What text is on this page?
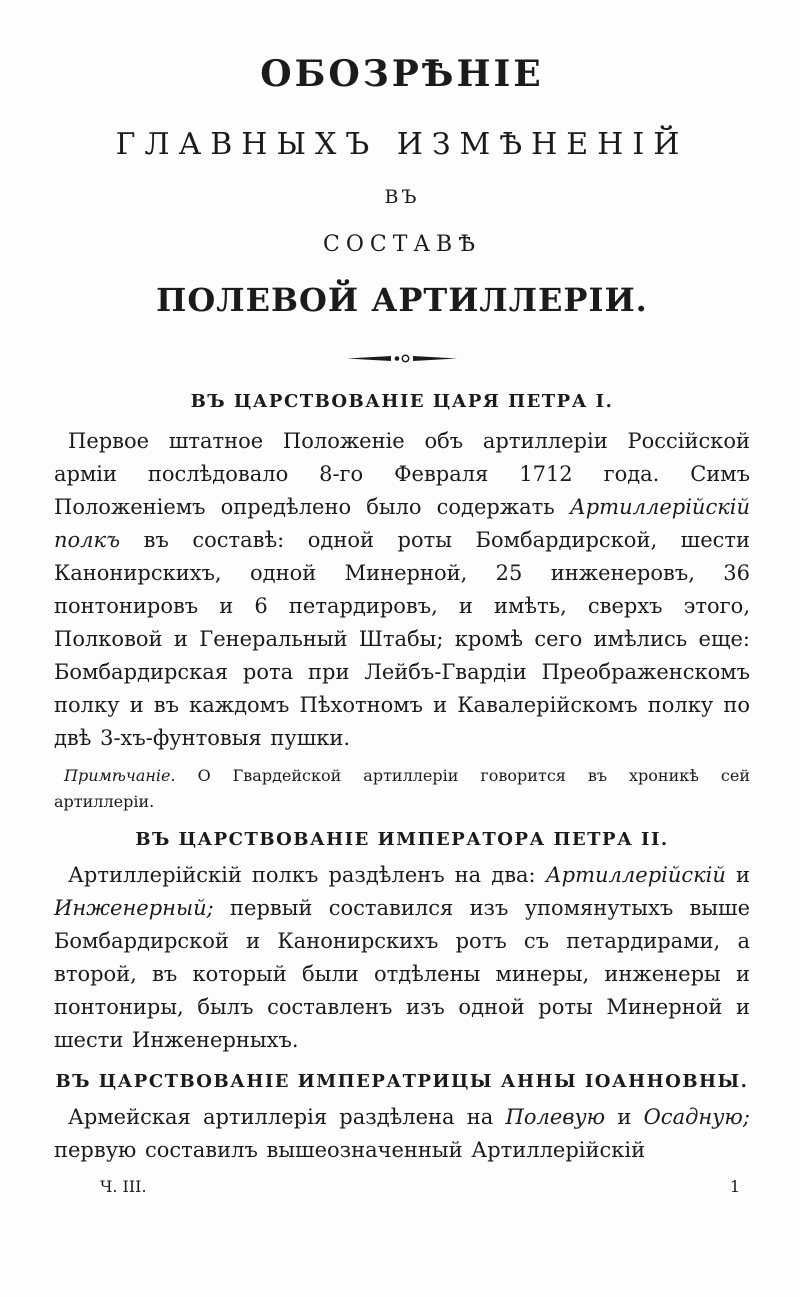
ОБОЗРѢНІЕ
ГЛАВНЫХЪ ИЗМѢНЕНІЙ
ВЪ
СОСТАВѢ
ПОЛЕВОЙ АРТИЛЛЕРІИ.
ВЪ ЦАРСТВОВАНІЕ ЦАРЯ ПЕТРА I.

Первое штатное Положеніе объ артиллеріи Россійской арміи послѣдовало 8-го Февраля 1712 года. Симъ Положеніемъ опредѣлено было содержать Артиллерійскій полкъ въ составѣ: одной роты Бомбардирской, шести Канонирскихъ, одной Минерной, 25 инженеровъ, 36 понтонировъ и 6 петардировъ, и имѣть, сверхъ этого, Полковой и Генеральный Штабы; кромѣ сего имѣлись еще: Бомбардирская рота при Лейбъ-Гвардіи Преображенскомъ полку и въ каждомъ Пѣхотномъ и Кавалерійскомъ полку по двѣ 3-хъ-фунтовыя пушки.

Примѣчаніе. О Гвардейской артиллеріи говорится въ хроникѣ сей артиллеріи.

ВЪ ЦАРСТВОВАНІЕ ИМПЕРАТОРА ПЕТРА II.

Артиллерійскій полкъ раздѣленъ на два: Артиллерійскій и Инженерный; первый составился изъ упомянутыхъ выше Бомбардирской и Канонирскихъ ротъ съ петардирами, а второй, въ который были отдѣлены минеры, инженеры и понтониры, былъ составленъ изъ одной роты Минерной и шести Инженерныхъ.

ВЪ ЦАРСТВОВАНІЕ ИМПЕРАТРИЦЫ АННЫ ІОАННОВНЫ.

Армейская артиллерія раздѣлена на Полевую и Осадную; первую составилъ вышеозначенный Артиллерійскій

Ч. III.	1
